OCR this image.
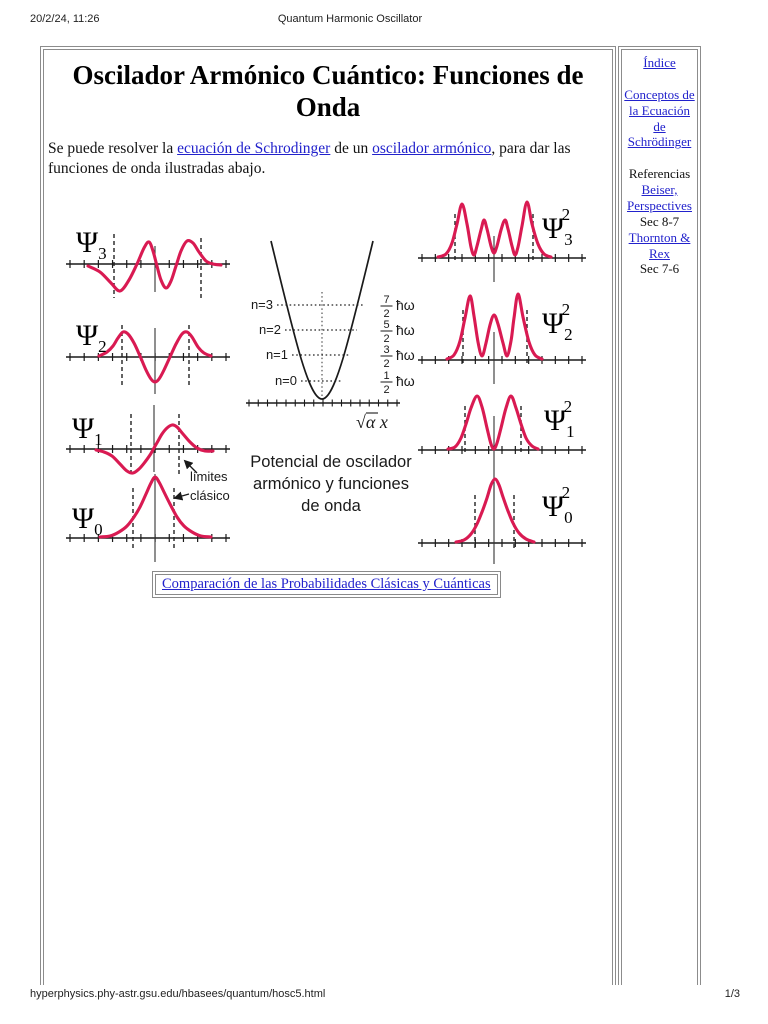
20/2/24, 11:26	Quantum Harmonic Oscillator
Oscilador Armónico Cuántico: Funciones de Onda

Se puede resolver la ecuación de Schrodinger de un oscilador armónico, para dar las funciones de onda ilustradas abajo.

$\Psi_3$
$\Psi_2$
$\Psi_1$
$\Psi_0$
$\Psi_32$
$\Psi_22$
$\Psi_12$
$\Psi_02$
n=3	7
2
ħω
n=2	5
2
ħω
n=1	3
2
ħω
n=0	1
2
ħω
√α x
Potencial de oscilador
armónico y funciones
de onda
límites
clásico
Comparación de las Probabilidades Clásicas y Cuánticas
Índice
Conceptos de la Ecuación de Schrödinger
Referencias
Beiser, Perspectives
Sec 8-7
Thornton & Rex
Sec 7-6
hyperphysics.phy-astr.gsu.edu/hbasees/quantum/hosc5.html	1/3
